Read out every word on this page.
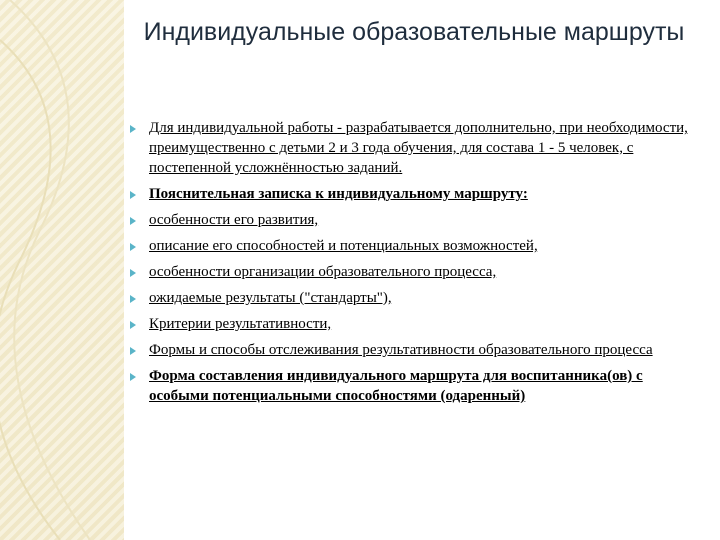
Индивидуальные образовательные маршруты
Для индивидуальной работы - разрабатывается дополнительно, при необходимости, преимущественно с детьми 2 и 3 года обучения, для состава 1 - 5 человек, с постепенной усложнённостью заданий.
Пояснительная записка к индивидуальному маршруту:
особенности его развития,
описание его способностей и потенциальных возможностей,
особенности организации образовательного процесса,
ожидаемые результаты ("стандарты"),
Критерии результативности,
Формы и способы отслеживания результативности образовательного процесса
Форма составления индивидуального маршрута для воспитанника(ов) с особыми потенциальными способностями (одаренный)
